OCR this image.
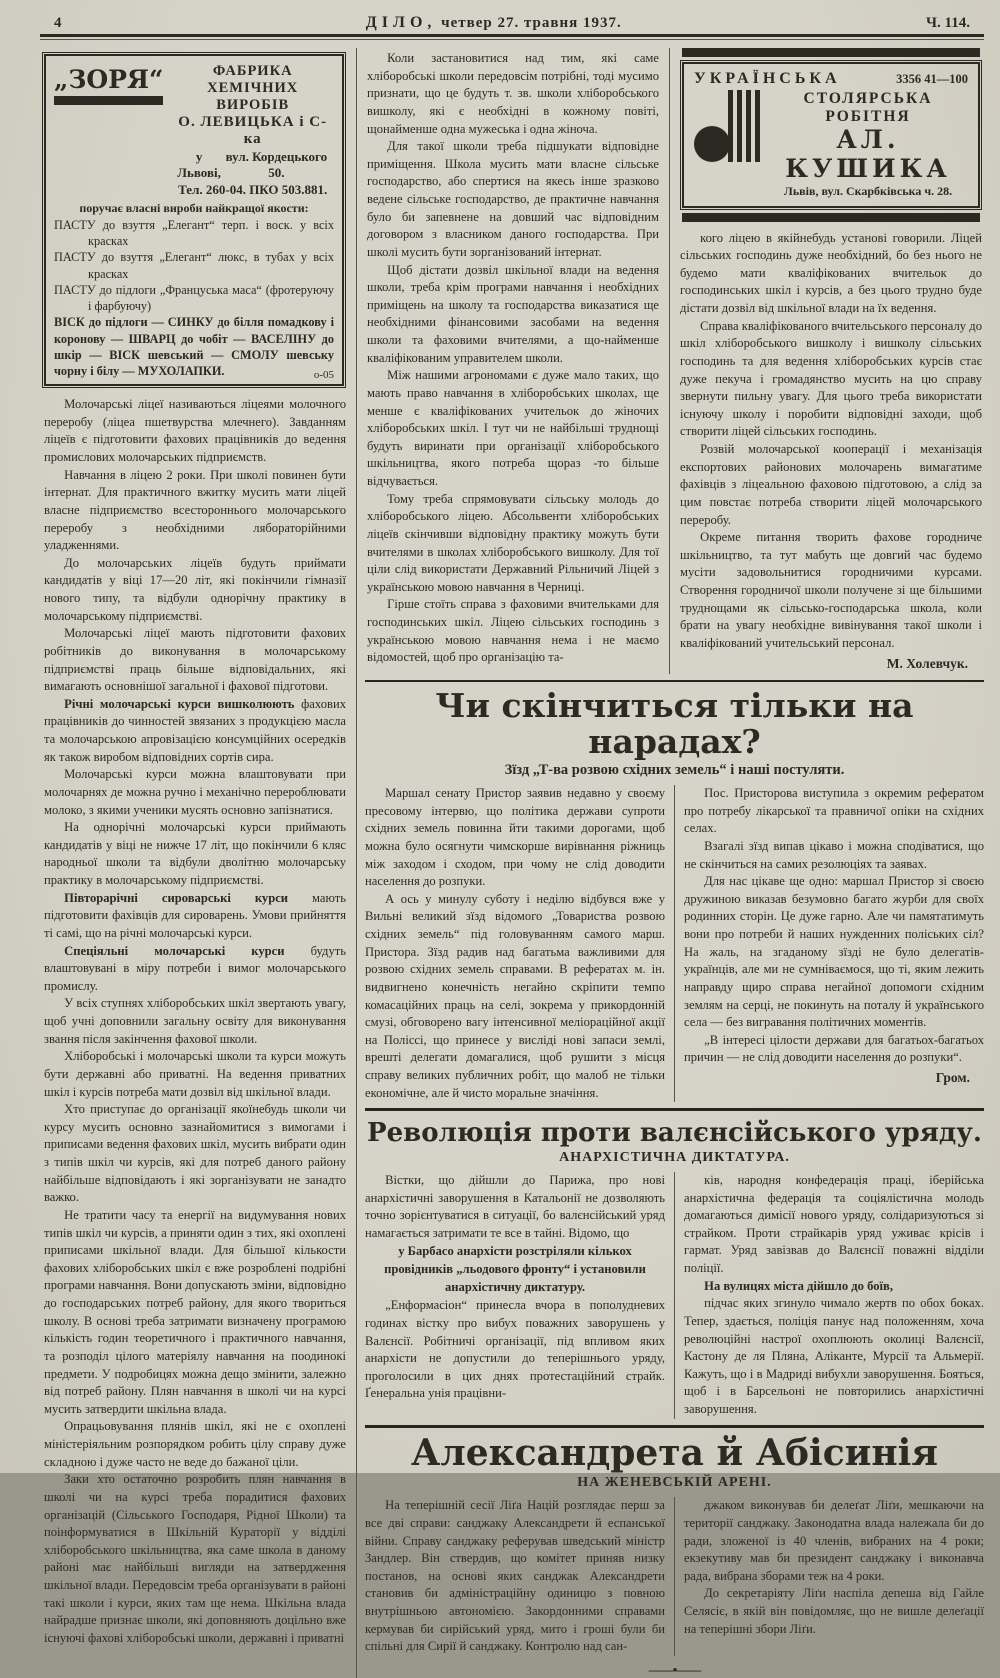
4	ДІЛО, четвер 27. травня 1937.	Ч. 114.
„ЗОРЯ“	ФАБРИКА ХЕМІЧНИХ ВИРОБІВ
О. ЛЕВИЦЬКА і С-ка
у Львові,
вул. Кордецького 50.
Тел. 260-04. ПКО 503.881.
поручає власні вироби найкращої якости:

ПАСТУ до взуття „Елегант“ терп. і воск. у всіх красках

ПАСТУ до взуття „Елегант“ люкс, в тубах у всіх красках

ПАСТУ до підлоги „Француська маса“ (фротеруючу і фарбуючу)

ВІСК до підлоги — СИНКУ до білля помадкову і коронову — ШВАРЦ до чобіт — ВАСЕЛІНУ до шкір — ВІСК шевський — СМОЛУ шевську чорну і білу — МУХОЛАПКИ.	о-05

Молочарські ліцеї називаються ліцеями молочного переробу (ліцеа пшетвурства млечнего). Завданням ліцеїв є підготовити фахових працівників до ведення промислових молочарських підприємств.

Навчання в ліцею 2 роки. При школі повинен бути інтернат. Для практичного вжитку мусить мати ліцей власне підприємство всестороннього молочарського переробу з необхідними лябораторійними уладженнями.

До молочарських ліцеїв будуть приймати кандидатів у віці 17—20 літ, які покінчили гімназії нового типу, та відбули однорічну практику в молочарському підприємстві.

Молочарські ліцеї мають підготовити фахових робітників до виконування в молочарському підприємстві праць більше відповідальних, які вимагають основнішої загальної і фахової підготови.

Річні молочарські курси вишколюють фахових працівників до чинностей звязаних з продукцією масла та молочарською апровізацією консумційних осередків як також виробом відповідних сортів сира.

Молочарські курси можна влаштовувати при молочарнях де можна ручно і механічно перероблювати молоко, з якими ученики мусять основно запізнатися.

На однорічні молочарські курси приймають кандидатів у віці не нижче 17 літ, що покінчили 6 кляс народньої школи та відбули дволітню молочарську практику в молочарському підприємстві.

Півторарічні сироварські курси мають підготовити фахівців для сироварень. Умови прийняття ті самі, що на річні молочарські курси.

Спеціяльні молочарські курси будуть влаштовувані в міру потреби і вимог молочарського промислу.

У всіх ступнях хліборобських шкіл звертають увагу, щоб учні доповнили загальну освіту для виконування звання після закінчення фахової школи.

Хліборобські і молочарські школи та курси можуть бути державні або приватні. На ведення приватних шкіл і курсів потреба мати дозвіл від шкільної влади.

Хто приступає до організації якоїнебудь школи чи курсу мусить основно зазнайомитися з вимогами і приписами ведення фахових шкіл, мусить вибрати один з типів шкіл чи курсів, які для потреб даного району найбільше відповідають і які зорганізувати не занадто важко.

Не тратити часу та енергії на видумування нових типів шкіл чи курсів, а приняти один з тих, які охоплені приписами шкільної влади. Для більшої кількости фахових хліборобських шкіл є вже розроблені подрібні програми навчання. Вони допускають зміни, відповідно до господарських потреб району, для якого твориться школу. В основі треба затримати визначену програмою кількість годин теоретичного і практичного навчання, та розподіл цілого матеріялу навчання на поодинокі предмети. У подробицях можна дещо змінити, залежно від потреб району. Плян навчання в школі чи на курсі мусить затвердити шкільна влада.

Опрацьовування плянів шкіл, які не є охоплені міністеріяльним розпорядком робить цілу справу дуже складною і дуже часто не веде до бажаної ціли.

Заки хто остаточно розробить плян навчання в школі чи на курсі треба порадитися фахових організацій (Сільського Господаря, Рідної Школи) та поінформуватися в Шкільній Кураторії у відділі хліборобського шкільництва, яка саме школа в даному районі має найбільші вигляди на затвердження шкільної влади. Передовсім треба організувати в районі такі школи і курси, яких там ще нема. Шкільна влада найрадше признає школи, які доповняють доцільно вже існуючі фахові хліборобські школи, державні і приватні

Коли застановитися над тим, які саме хліборобські школи передовсім потрібні, тоді мусимо признати, що це будуть т. зв. школи хліборобського вишколу, які є необхідні в кожному повіті, щонайменше одна мужеська і одна жіноча.

Для такої школи треба підшукати відповідне приміщення. Школа мусить мати власне сільське господарство, або спертися на якесь інше зразково ведене сільське господарство, де практичне навчання було би запевнене на довший час відповідним договором з власником даного господарства. При школі мусить бути зорганізований інтернат.

Щоб дістати дозвіл шкільної влади на ведення школи, треба крім програми навчання і необхідних приміщень на школу та господарства виказатися ще необхідними фінансовими засобами на ведення школи та фаховими вчителями, а що-найменше кваліфікованим управителем школи.

Між нашими агрономами є дуже мало таких, що мають право навчання в хліборобських школах, ще менше є кваліфікованих учительок до жіночих хліборобських шкіл. І тут чи не найбільші труднощі будуть виринати при організації хліборобського шкільництва, якого потреба щораз -то більше відчувається.

Тому треба спрямовувати сільську молодь до хліборобського ліцею. Абсольвенти хліборобських ліцеїв скінчивши відповідну практику можуть бути вчителями в школах хліборобського вишколу. Для тої ціли слід використати Державний Рільничий Ліцей з українською мовою навчання в Черниці.

Гірше стоїть справа з фаховими вчительками для господинських шкіл. Ліцею сільських господинь з українською мовою навчання нема і не маємо відомостей, щоб про організацію та-

УКРАЇНСЬКА	3356 41—100
СТОЛЯРСЬКА РОБІТНЯ
АЛ. КУШИКА
Львів, вул. Скарбківська ч. 28.

кого ліцею в якійнебудь установі говорили. Ліцей сільських господинь дуже необхідний, бо без нього не будемо мати кваліфікованих вчительок до господинських шкіл і курсів, а без цього трудно буде дістати дозвіл від шкільної влади на їх ведення.

Справа кваліфікованого вчительського персоналу до шкіл хліборобського вишколу і вишколу сільських господинь та для ведення хліборобських курсів стає дуже пекуча і громадянство мусить на цю справу звернути пильну увагу. Для цього треба використати існуючу школу і поробити відповідні заходи, щоб створити ліцей сільських господинь.

Розвій молочарської кооперації і механізація експортових районових молочарень вимагатиме фахівців з ліцеальною фаховою підготовою, а слід за цим повстає потреба створити ліцей молочарського переробу.

Окреме питання творить фахове городниче шкільництво, та тут мабуть ще довгий час будемо мусіти задовольнитися городничими курсами. Створення городничої школи получене зі ще більшими труднощами як сільсько-господарська школа, коли брати на увагу необхідне вивінування такої школи і кваліфікований учительський персонал.

М. Холевчук.
Чи скінчиться тільки на нарадах?
Зїзд „Т-ва розвою східних земель“ і наші постуляти.

Маршал сенату Пристор заявив недавно у своєму пресовому інтервю, що політика держави супроти східних земель повинна йти такими дорогами, щоб можна було осягнути чимскорше вирівнання ріжниць між заходом і сходом, при чому не слід доводити населення до розпуки.

А ось у минулу суботу і неділю відбувся вже у Вильні великий зїзд відомого „Товариства розвою східних земель“ під головуванням самого марш. Пристора. Зїзд радив над багатьма важливими для розвою східних земель справами. В рефератах м. ін. видвигнено конечність негайно скріпити темпо комасаційних праць на селі, зокрема у прикордонній смузі, обговорено вагу інтенсивної меліораційної акції на Поліссі, що принесе у висліді нові запаси землі, врешті делегати домагалися, щоб рушити з місця справу великих публичних робіт, що малоб не тільки економічне, але й чисто моральне значіння.

Пос. Присторова виступила з окремим рефератом про потребу лікарської та правничої опіки на східних селах.

Взагалі зїзд випав цікаво і можна сподіватися, що не скінчиться на самих резолюціях та заявах.

Для нас цікаве ще одно: маршал Пристор зі своєю дружиною виказав безумовно багато журби для своїх родинних сторін. Це дуже гарно. Але чи памятатимуть вони про потреби й наших нужденних поліських сіл? На жаль, на згаданому зїзді не було делегатів-українців, але ми не сумніваємося, що ті, яким лежить направду щиро справа негайної допомоги східним землям на серці, не покинуть на поталу й українського села — без вигравання політичних моментів.

„В інтересі цілости держави для багатьох-багатьох причин — не слід доводити населення до розпуки“.

Гром.
Революція проти валєнсійського уряду.
АНАРХІСТИЧНА ДИКТАТУРА.

Вістки, що дійшли до Парижа, про нові анархістичні заворушення в Катальонії не дозволяють точно зорієнтуватися в ситуації, бо валєнсійський уряд намагається затримати те все в тайні. Відомо, що

у Барбасо анархісти розстріляли кількох провідників „льодового фронту“ і установили анархістичну диктатуру.

„Енформасіон“ принесла вчора в пополудневих годинах вістку про вибух поважних заворушень у Валєнсії. Робітничі організації, під впливом яких анархісти не допустили до теперішнього уряду, проголосили в цих днях протестаційний страйк. Ґенеральна унія працівни-

ків, народня конфедерація праці, іберійська анархістична федерація та соціялістична молодь домагаються димісії нового уряду, солідаризуються зі страйком. Проти страйкарів уряд уживає крісів і гармат. Уряд завізвав до Валєнсії поважні відділи поліції.

На вулицях міста дійшло до боїв,

підчас яких згинуло чимало жертв по обох боках. Тепер, здається, поліція панує над положенням, хоча революційні настрої охоплюють околиці Валєнсії, Кастону де ля Пляна, Аліканте, Мурсії та Альмерії. Кажуть, що і в Мадриді вибухли заворушення. Бояться, щоб і в Барсельоні не повторились анархістичні заворушення.

Александрета й Абісинія
НА ЖЕНЕВСЬКІЙ АРЕНІ.

На теперішній сесії Ліґа Націй розглядає перш за все дві справи: санджаку Александрети й еспанської війни. Справу санджаку реферував шведський міністр Зандлер. Він ствердив, що комітет приняв низку постанов, на основі яких санджак Александрети становив би адміністраційну одиницю з повною внутрішньою автономією. Закордонними справами кермував би сирійський уряд, мито і гроші були би спільні для Сирії й санджаку. Контролю над сан-

джаком виконував би делеґат Ліґи, мешкаючи на території санджаку. Законодатна влада належала би до ради, зложеної із 40 членів, вибраних на 4 роки; екзекутиву мав би президент санджаку і виконавча рада, вибрана зборами теж на 4 роки.

До секретаріяту Ліґи наспіла депеша від Гайле Селясіє, в якій він повідомляє, що не вишле делеґації на теперішні збори Ліґи.

——•——
